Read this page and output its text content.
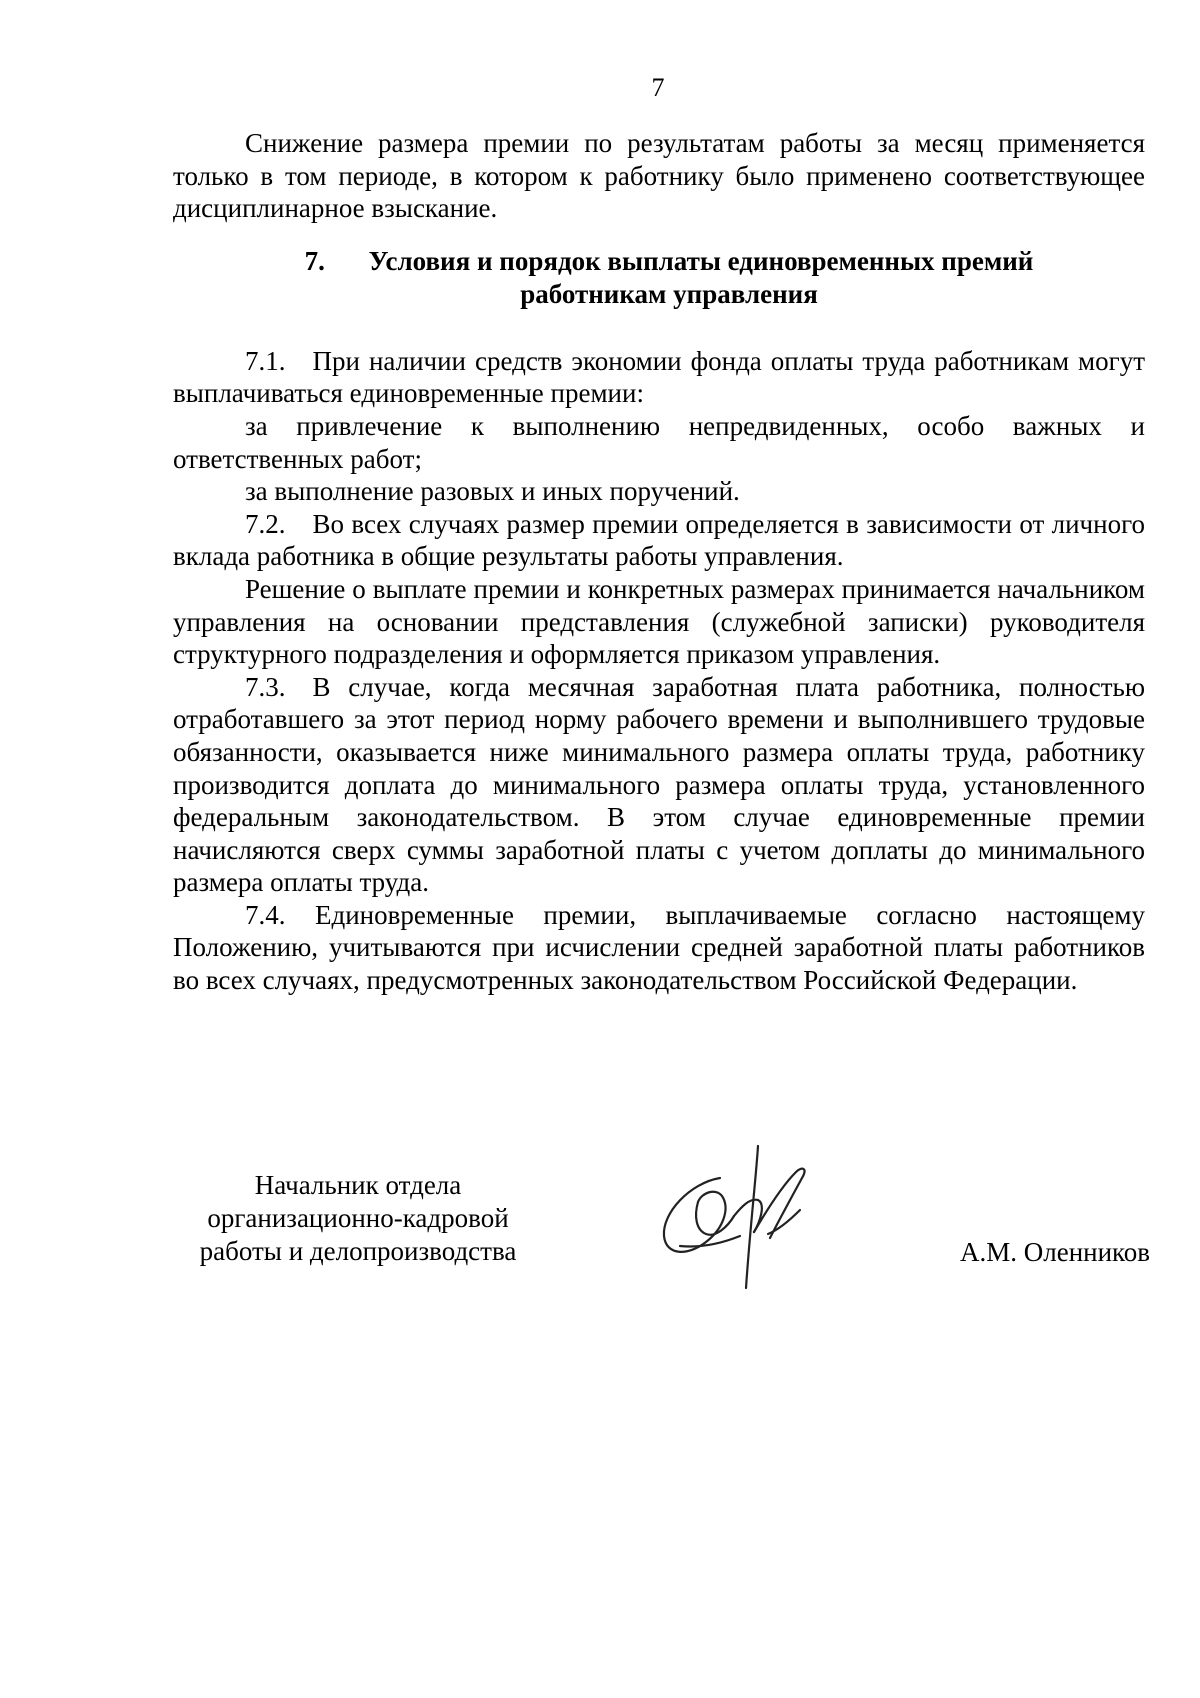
7

Снижение размера премии по результатам работы за месяц применяется только в том периоде, в котором к работнику было применено соответствующее дисциплинарное взыскание.

7. Условия и порядок выплаты единовременных премий
работникам управления

7.1. При наличии средств экономии фонда оплаты труда работникам могут выплачиваться единовременные премии:

за привлечение к выполнению непредвиденных, особо важных и ответственных работ;

за выполнение разовых и иных поручений.

7.2. Во всех случаях размер премии определяется в зависимости от личного вклада работника в общие результаты работы управления.

Решение о выплате премии и конкретных размерах принимается начальником управления на основании представления (служебной записки) руководителя структурного подразделения и оформляется приказом управления.

7.3. В случае, когда месячная заработная плата работника, полностью отработавшего за этот период норму рабочего времени и выполнившего трудовые обязанности, оказывается ниже минимального размера оплаты труда, работнику производится доплата до минимального размера оплаты труда, установленного федеральным законодательством. В этом случае единовременные премии начисляются сверх суммы заработной платы с учетом доплаты до минимального размера оплаты труда.

7.4. Единовременные премии, выплачиваемые согласно настоящему Положению, учитываются при исчислении средней заработной платы работников во всех случаях, предусмотренных законодательством Российской Федерации.

Начальник отдела
организационно-кадровой
работы и делопроизводства	А.М. Оленников
